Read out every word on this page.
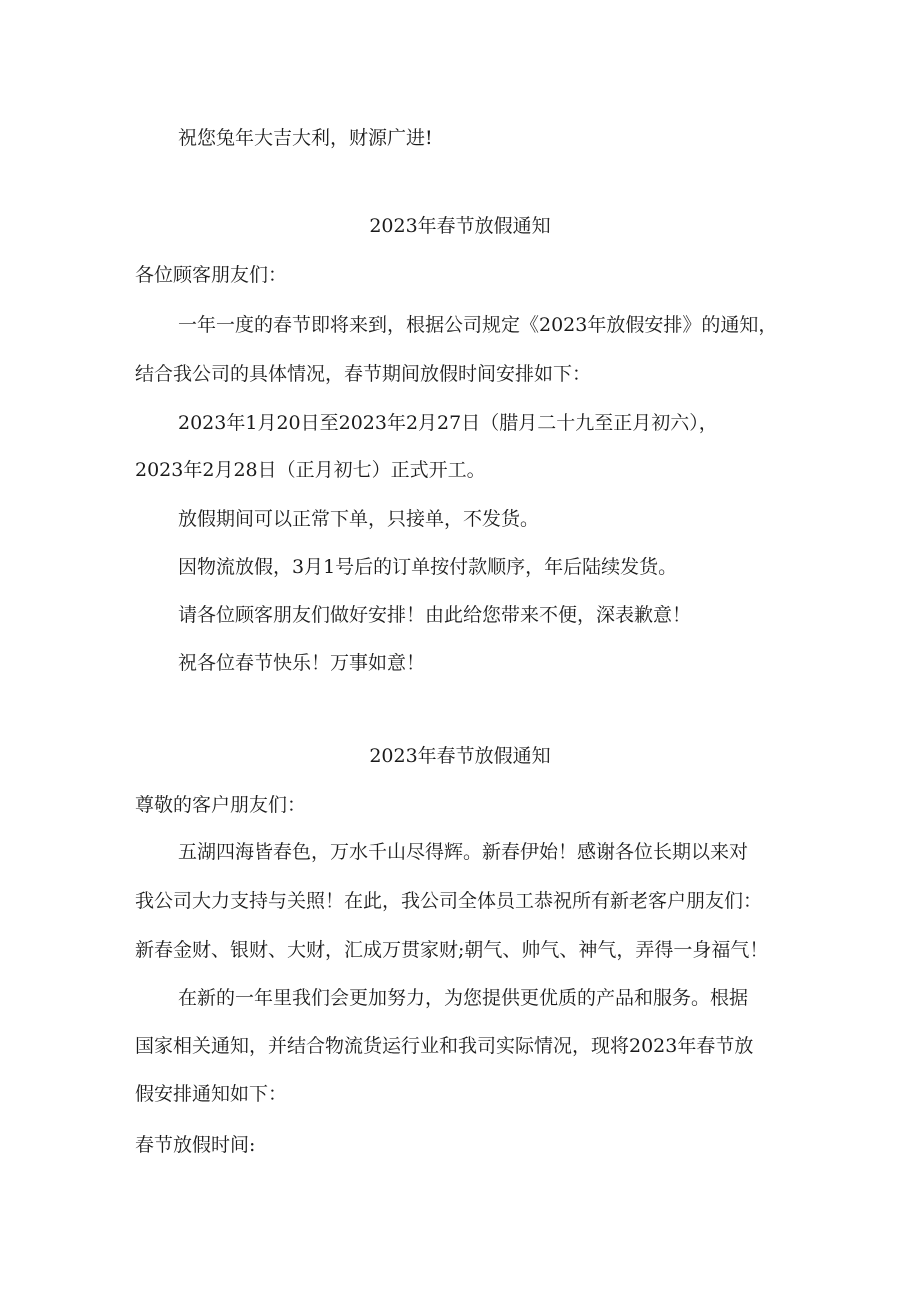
祝您兔年大吉大利，财源广进!
2023年春节放假通知
各位顾客朋友们：
一年一度的春节即将来到，根据公司规定《2023年放假安排》的通知，
结合我公司的具体情况，春节期间放假时间安排如下：
2023年1月20日至2023年2月27日（腊月二十九至正月初六），
2023年2月28日（正月初七）正式开工。
放假期间可以正常下单，只接单，不发货。
因物流放假，3月1号后的订单按付款顺序，年后陆续发货。
请各位顾客朋友们做好安排！由此给您带来不便，深表歉意！
祝各位春节快乐！万事如意！
2023年春节放假通知
尊敬的客户朋友们：
五湖四海皆春色，万水千山尽得辉。新春伊始！感谢各位长期以来对
我公司大力支持与关照！在此，我公司全体员工恭祝所有新老客户朋友们：
新春金财、银财、大财，汇成万贯家财;朝气、帅气、神气，弄得一身福气！
在新的一年里我们会更加努力，为您提供更优质的产品和服务。根据
国家相关通知，并结合物流货运行业和我司实际情况，现将2023年春节放
假安排通知如下：
春节放假时间:
